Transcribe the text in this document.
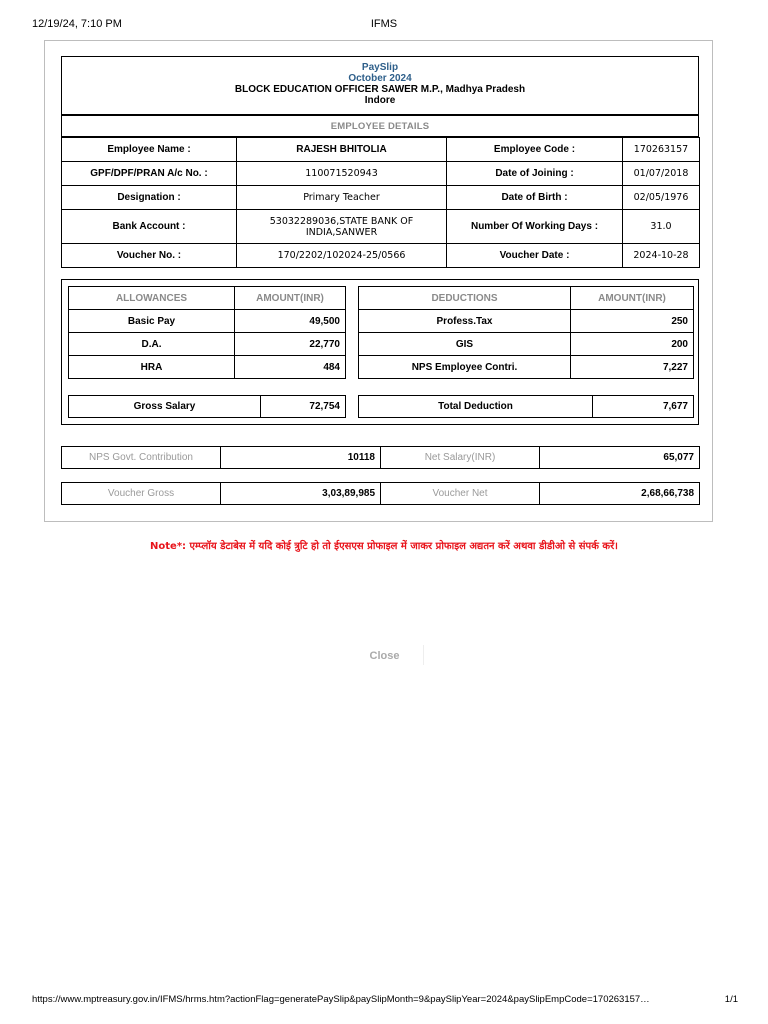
12/19/24, 7:10 PM	IFMS
PaySlip
October 2024
BLOCK EDUCATION OFFICER SAWER M.P., Madhya Pradesh
Indore
EMPLOYEE DETAILS
Employee Name :	RAJESH BHITOLIA	Employee Code :	170263157
GPF/DPF/PRAN A/c No. :	110071520943	Date of Joining :	01/07/2018
Designation :	Primary Teacher	Date of Birth :	02/05/1976
Bank Account :	53032289036,STATE BANK OF INDIA,SANWER	Number Of Working Days :	31.0
Voucher No. :	170/2202/102024-25/0566	Voucher Date :	2024-10-28
ALLOWANCES	AMOUNT(INR)
Basic Pay	49,500
D.A.	22,770
HRA	484
DEDUCTIONS	AMOUNT(INR)
Profess.Tax	250
GIS	200
NPS Employee Contri.	7,227
Gross Salary	72,754	Total Deduction	7,677
NPS Govt. Contribution	10118	Net Salary(INR)	65,077
Voucher Gross	3,03,89,985	Voucher Net	2,68,66,738
Note*: एम्प्लॉय डेटाबेस में यदि कोई त्रुटि हो तो ईएसएस प्रोफाइल में जाकर प्रोफाइल अद्यतन करें अथवा डीडीओ से संपर्क करें।
Close
https://www.mptreasury.gov.in/IFMS/hrms.htm?actionFlag=generatePaySlip&paySlipMonth=9&paySlipYear=2024&paySlipEmpCode=170263157…	1/1
